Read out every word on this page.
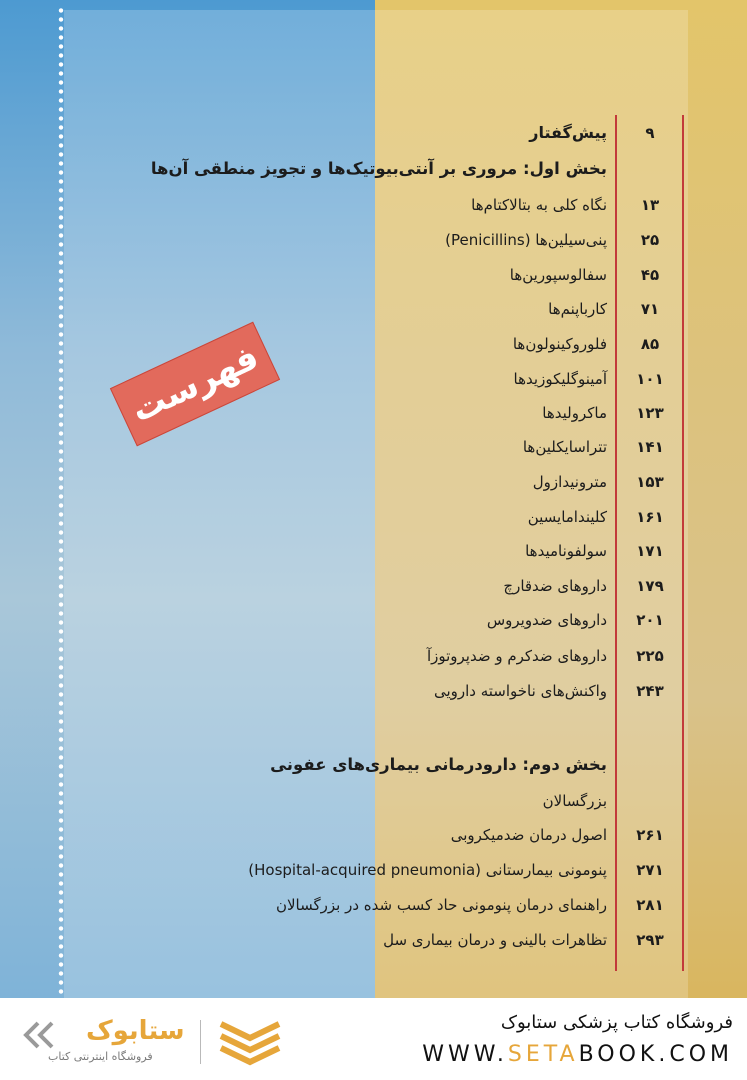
فهرست
پیش‌گفتار	۹
بخش اول: مروری بر آنتی‌بیوتیک‌ها و تجویز منطقی آن‌ها
نگاه کلی به بتالاکتام‌ها	۱۳
پنی‌سیلین‌ها (Penicillins)	۲۵
سفالوسپورین‌ها	۴۵
کارباپنم‌ها	۷۱
فلوروکینولون‌ها	۸۵
آمینوگلیکوزیدها	۱۰۱
ماکرولیدها	۱۲۳
تتراسایکلین‌ها	۱۴۱
مترونیدازول	۱۵۳
کلیندامایسین	۱۶۱
سولفونامیدها	۱۷۱
داروهای ضدقارچ	۱۷۹
داروهای ضدویروس	۲۰۱
داروهای ضدکرم و ضدپروتوزآ	۲۲۵
واکنش‌های ناخواسته دارویی	۲۴۳
بخش دوم: دارودرمانی بیماری‌های عفونی
بزرگسالان
اصول درمان ضدمیکروبی	۲۶۱
پنومونی بیمارستانی (Hospital-acquired pneumonia)	۲۷۱
راهنمای درمان پنومونی حاد کسب شده در بزرگسالان	۲۸۱
تظاهرات بالینی و درمان بیماری سل	۲۹۳
ستابوک
فروشگاه اینترنتی کتاب
فروشگاه کتاب پزشکی ستابوک
WWW.SETABOOK.COM
